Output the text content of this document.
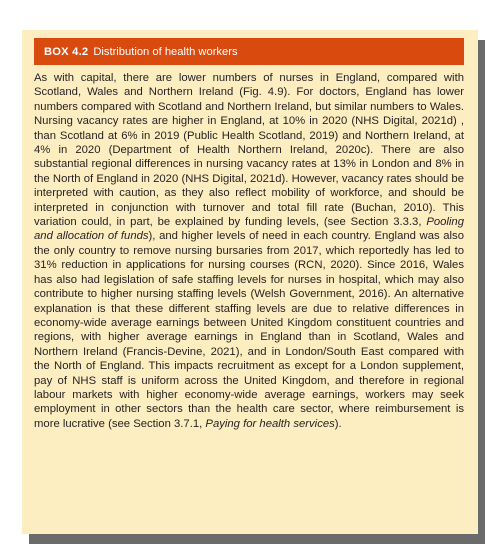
BOX 4.2 Distribution of health workers

As with capital, there are lower numbers of nurses in England, compared with Scotland, Wales and Northern Ireland (Fig. 4.9). For doctors, England has lower numbers compared with Scotland and Northern Ireland, but similar numbers to Wales. Nursing vacancy rates are higher in England, at 10% in 2020 (NHS Digital, 2021d) , than Scotland at 6% in 2019 (Public Health Scotland, 2019) and Northern Ireland, at 4% in 2020 (Department of Health Northern Ireland, 2020c). There are also substantial regional differences in nursing vacancy rates at 13% in London and 8% in the North of England in 2020 (NHS Digital, 2021d). However, vacancy rates should be interpreted with caution, as they also reflect mobility of workforce, and should be interpreted in conjunction with turnover and total fill rate (Buchan, 2010). This variation could, in part, be explained by funding levels, (see Section 3.3.3, Pooling and allocation of funds), and higher levels of need in each country. England was also the only country to remove nursing bursaries from 2017, which reportedly has led to 31% reduction in applications for nursing courses (RCN, 2020). Since 2016, Wales has also had legislation of safe staffing levels for nurses in hospital, which may also contribute to higher nursing staffing levels (Welsh Government, 2016). An alternative explanation is that these different staffing levels are due to relative differences in economy-wide average earnings between United Kingdom constituent countries and regions, with higher average earnings in England than in Scotland, Wales and Northern Ireland (Francis-Devine, 2021), and in London/South East compared with the North of England. This impacts recruitment as except for a London supplement, pay of NHS staff is uniform across the United Kingdom, and therefore in regional labour markets with higher economy-wide average earnings, workers may seek employment in other sectors than the health care sector, where reimbursement is more lucrative (see Section 3.7.1, Paying for health services).
